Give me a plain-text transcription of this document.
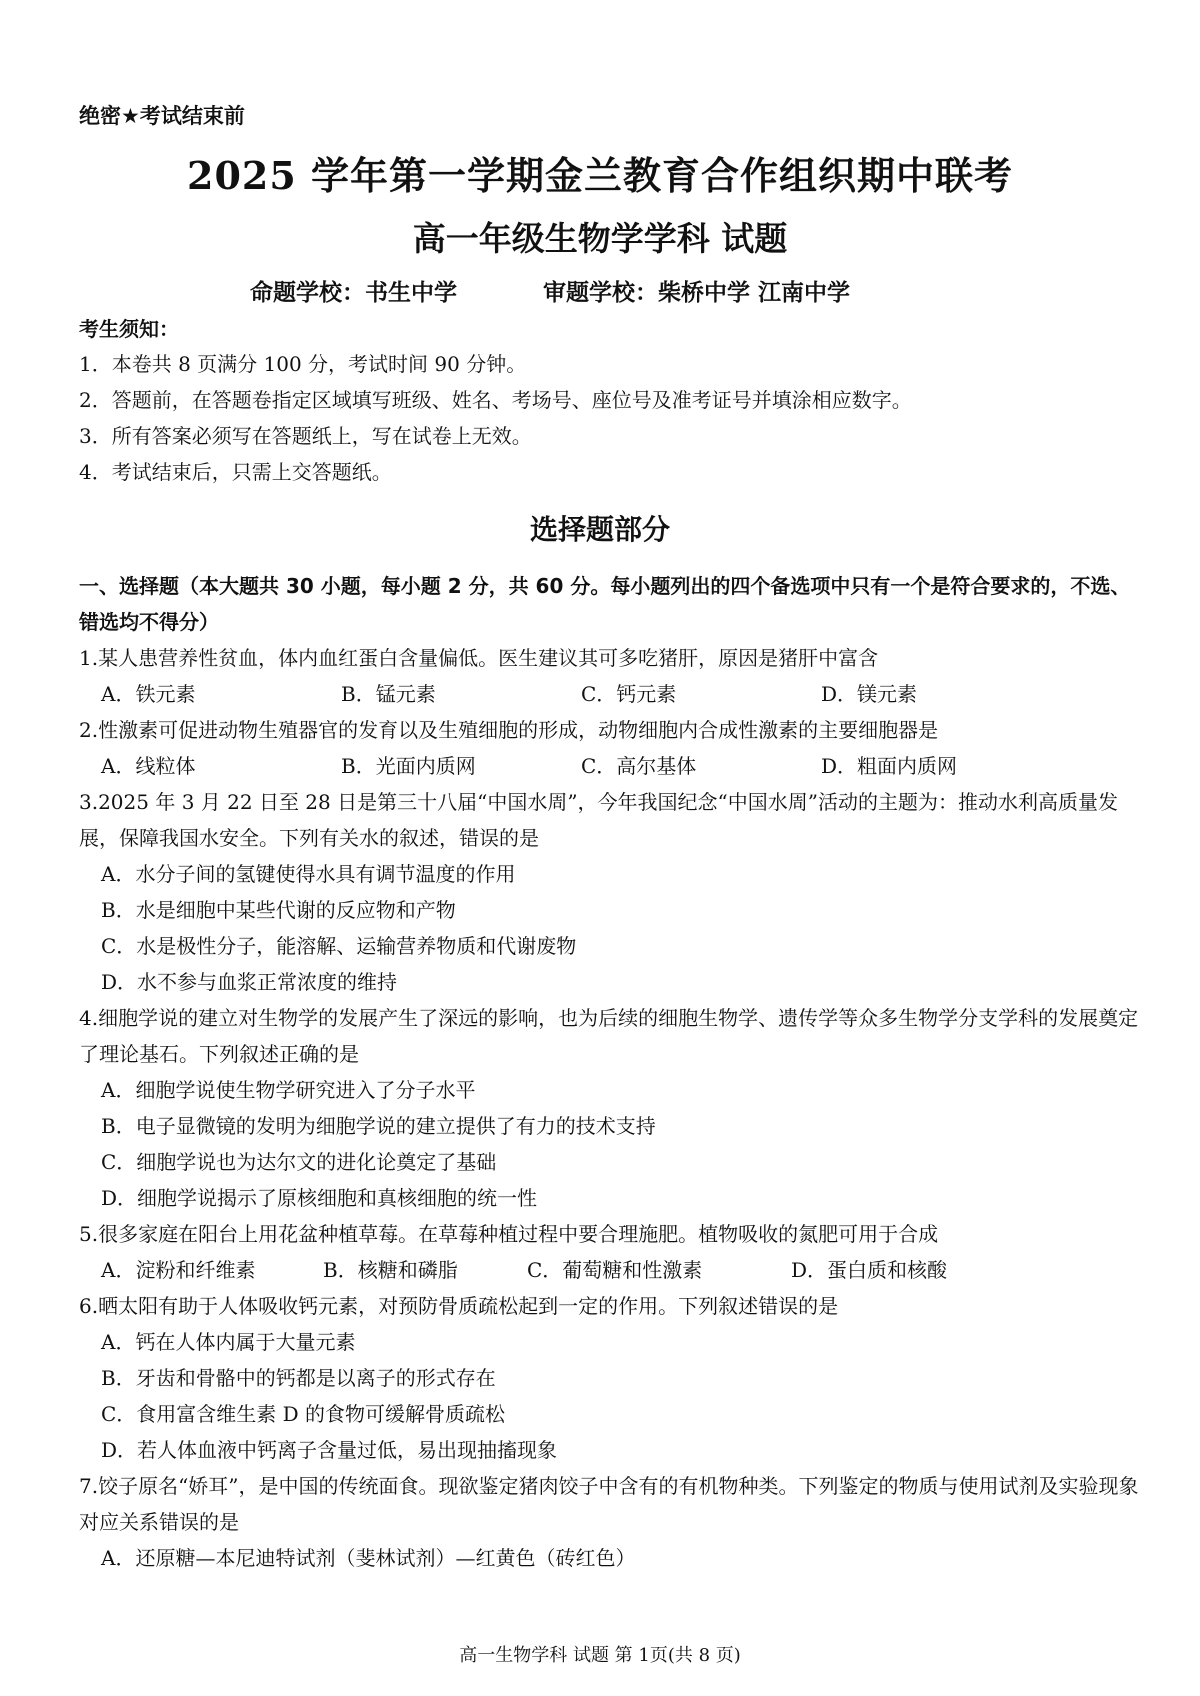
绝密★考试结束前
2025 学年第一学期金兰教育合作组织期中联考
高一年级生物学学科 试题
命题学校：书生中学	审题学校：柴桥中学 江南中学
考生须知：
1．本卷共 8 页满分 100 分，考试时间 90 分钟。
2．答题前，在答题卷指定区域填写班级、姓名、考场号、座位号及准考证号并填涂相应数字。
3．所有答案必须写在答题纸上，写在试卷上无效。
4．考试结束后，只需上交答题纸。
选择题部分
一、选择题（本大题共 30 小题，每小题 2 分，共 60 分。每小题列出的四个备选项中只有一个是符合要求的，不选、错选均不得分）
1.某人患营养性贫血，体内血红蛋白含量偏低。医生建议其可多吃猪肝，原因是猪肝中富含
A．铁元素	B．锰元素	C．钙元素	D．镁元素
2.性激素可促进动物生殖器官的发育以及生殖细胞的形成，动物细胞内合成性激素的主要细胞器是
A．线粒体	B．光面内质网	C．高尔基体	D．粗面内质网
3.2025 年 3 月 22 日至 28 日是第三十八届“中国水周”，今年我国纪念“中国水周”活动的主题为：推动水利高质量发展，保障我国水安全。下列有关水的叙述，错误的是
A．水分子间的氢键使得水具有调节温度的作用
B．水是细胞中某些代谢的反应物和产物
C．水是极性分子，能溶解、运输营养物质和代谢废物
D．水不参与血浆正常浓度的维持
4.细胞学说的建立对生物学的发展产生了深远的影响，也为后续的细胞生物学、遗传学等众多生物学分支学科的发展奠定了理论基石。下列叙述正确的是
A．细胞学说使生物学研究进入了分子水平
B．电子显微镜的发明为细胞学说的建立提供了有力的技术支持
C．细胞学说也为达尔文的进化论奠定了基础
D．细胞学说揭示了原核细胞和真核细胞的统一性
5.很多家庭在阳台上用花盆种植草莓。在草莓种植过程中要合理施肥。植物吸收的氮肥可用于合成
A．淀粉和纤维素	B．核糖和磷脂	C．葡萄糖和性激素	D．蛋白质和核酸
6.晒太阳有助于人体吸收钙元素，对预防骨质疏松起到一定的作用。下列叙述错误的是
A．钙在人体内属于大量元素
B．牙齿和骨骼中的钙都是以离子的形式存在
C．食用富含维生素 D 的食物可缓解骨质疏松
D．若人体血液中钙离子含量过低，易出现抽搐现象
7.饺子原名“娇耳”，是中国的传统面食。现欲鉴定猪肉饺子中含有的有机物种类。下列鉴定的物质与使用试剂及实验现象对应关系错误的是
A．还原糖—本尼迪特试剂（斐林试剂）—红黄色（砖红色）
高一生物学科 试题 第 1页(共 8 页)
